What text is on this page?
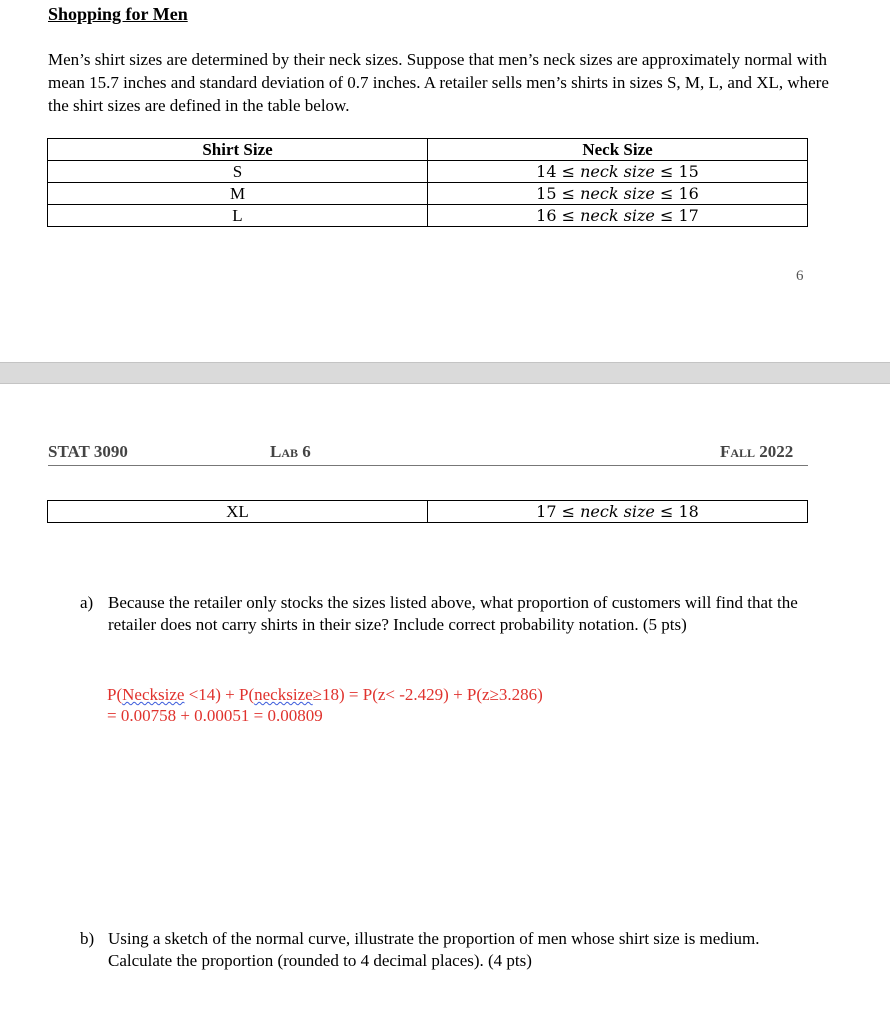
Shopping for Men
Men’s shirt sizes are determined by their neck sizes. Suppose that men’s neck sizes are approximately normal with mean 15.7 inches and standard deviation of 0.7 inches. A retailer sells men’s shirts in sizes S, M, L, and XL, where the shirt sizes are defined in the table below.
Shirt Size	Neck Size
S	14 ≤ neck size ≤ 15
M	15 ≤ neck size ≤ 16
L	16 ≤ neck size ≤ 17
6
STAT 3090	Lab 6	Fall 2022
XL	17 ≤ neck size ≤ 18
a) Because the retailer only stocks the sizes listed above, what proportion of customers will find that the retailer does not carry shirts in their size? Include correct probability notation. (5 pts)
P(Necksize <14) + P(necksize≥18) = P(z< -2.429) + P(z≥3.286)
= 0.00758 + 0.00051 = 0.00809
b) Using a sketch of the normal curve, illustrate the proportion of men whose shirt size is medium. Calculate the proportion (rounded to 4 decimal places). (4 pts)
